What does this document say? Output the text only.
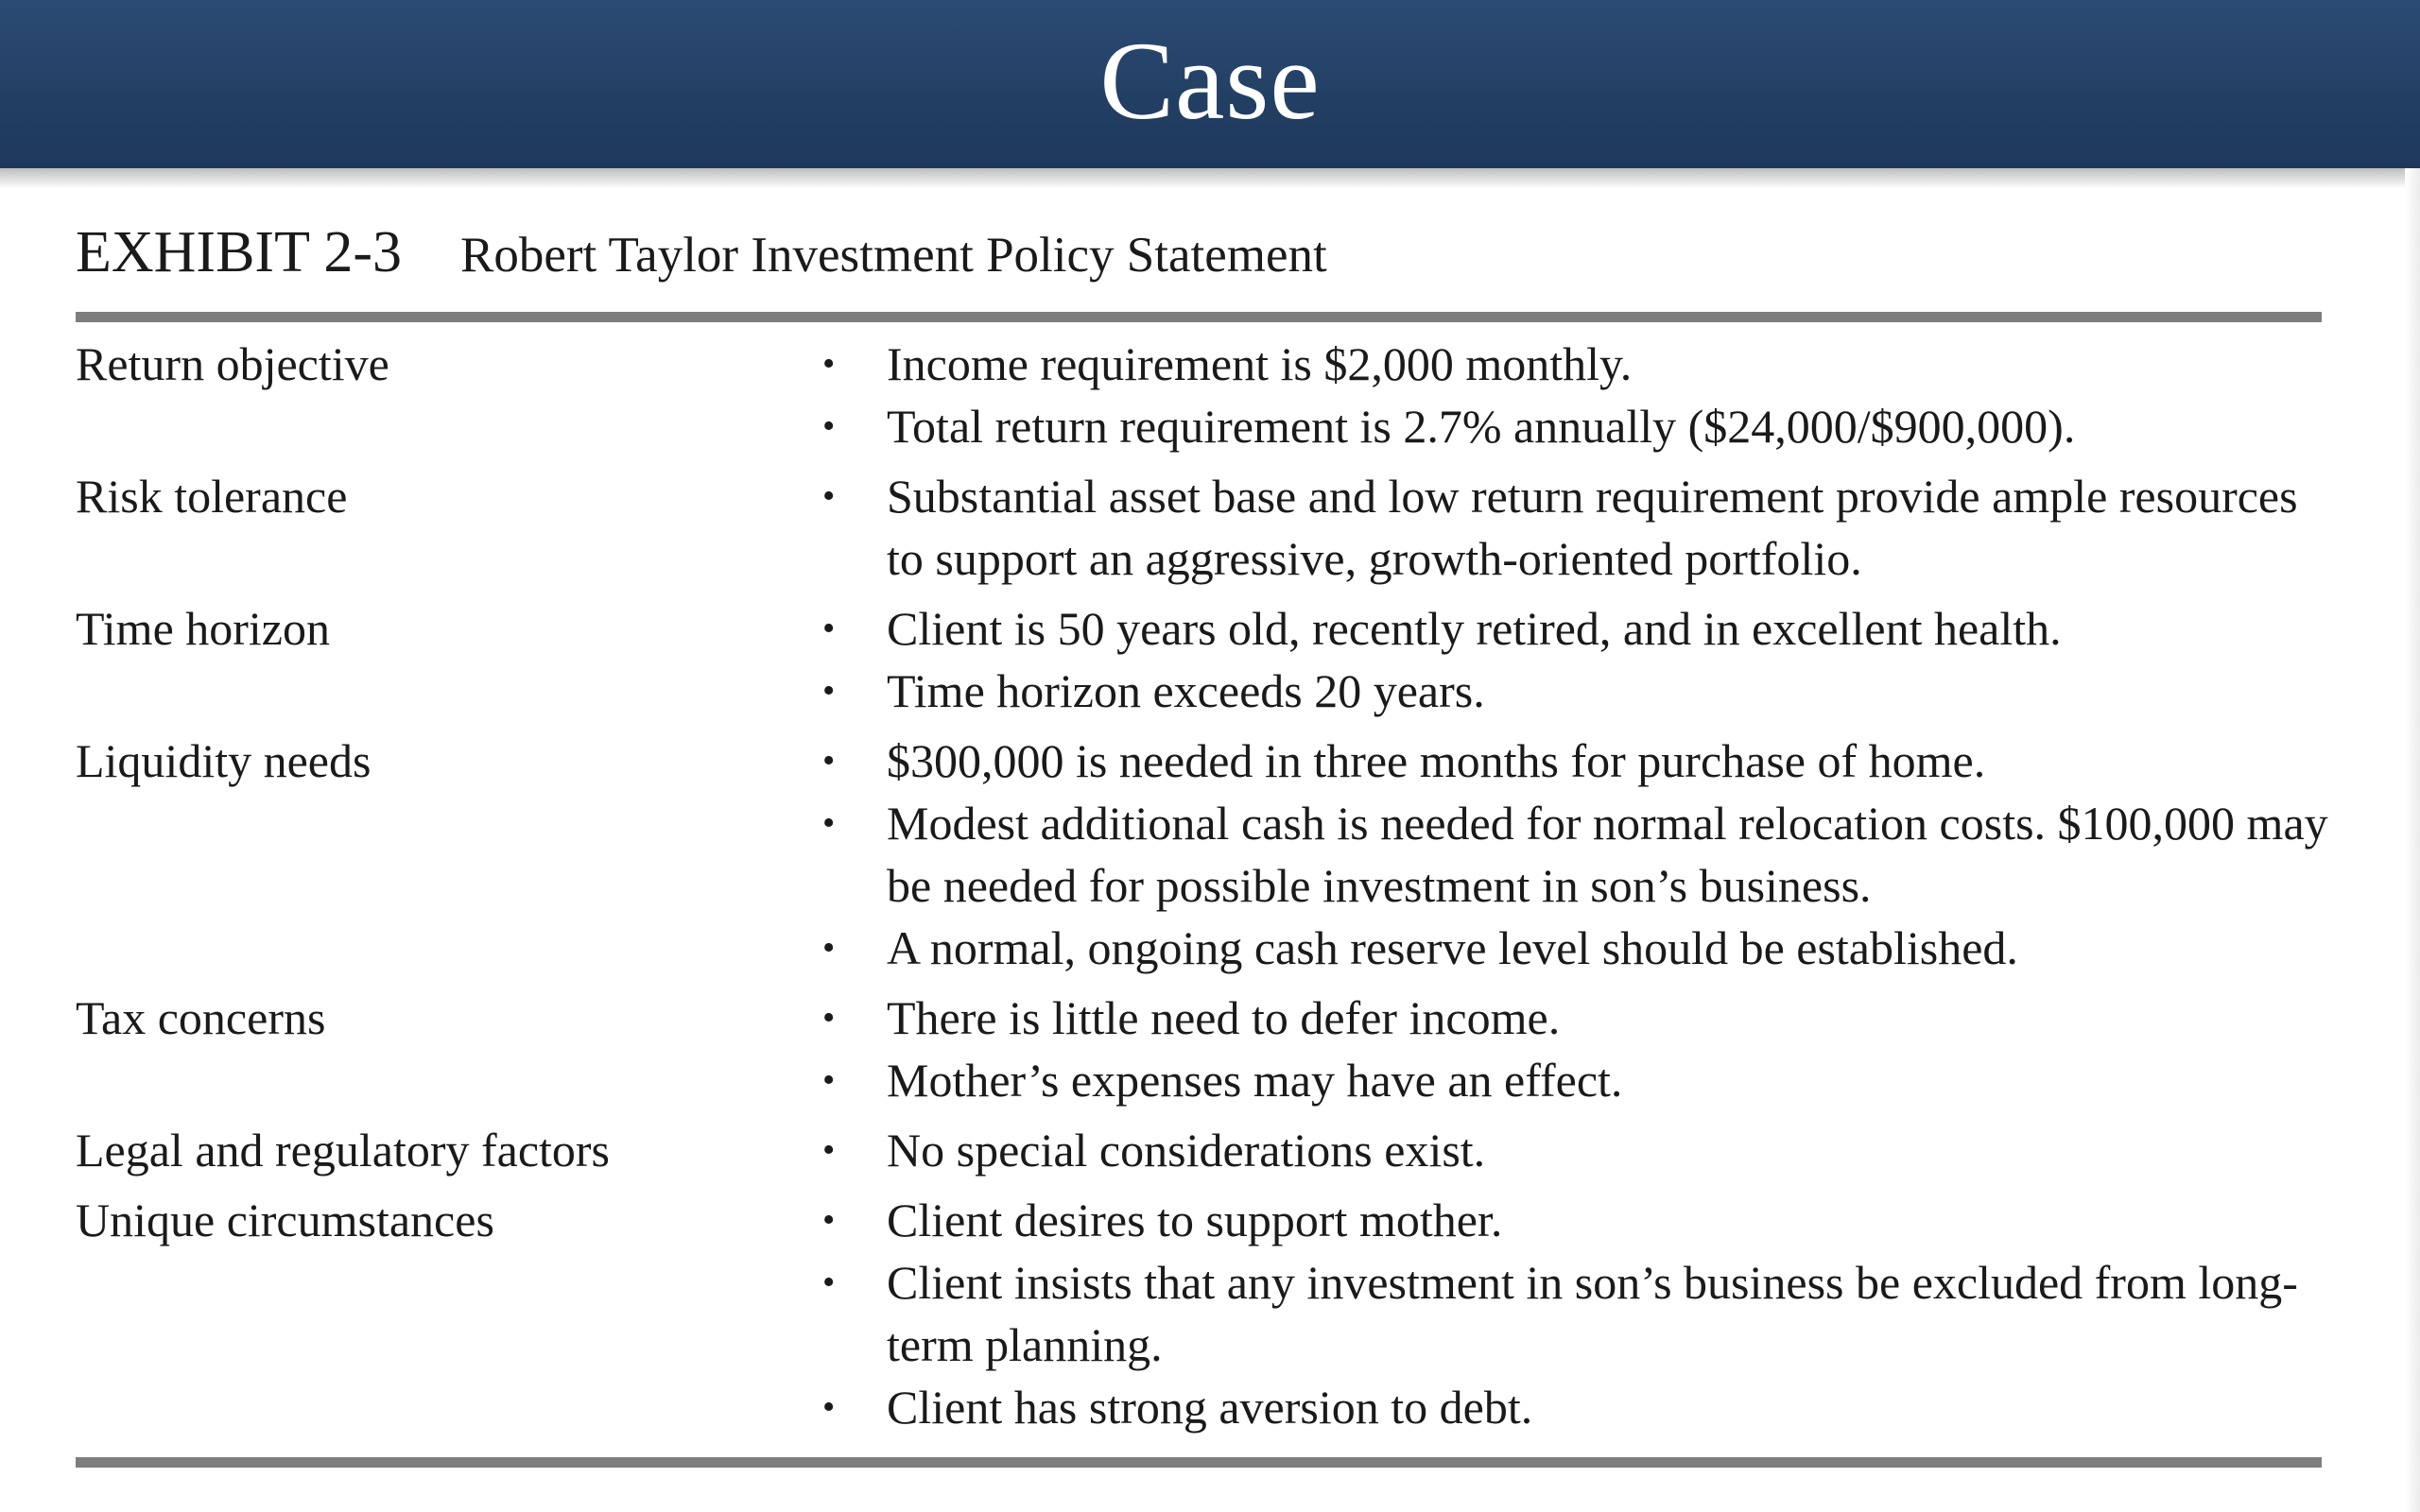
Case
EXHIBIT 2-3 Robert Taylor Investment Policy Statement
Return objective	• Income requirement is $2,000 monthly.
• Total return requirement is 2.7% annually ($24,000/$900,000).
Risk tolerance	• Substantial asset base and low return requirement provide ample resources to support an aggressive, growth-oriented portfolio.
Time horizon	• Client is 50 years old, recently retired, and in excellent health.
• Time horizon exceeds 20 years.
Liquidity needs	• $300,000 is needed in three months for purchase of home.
• Modest additional cash is needed for normal relocation costs. $100,000 may be needed for possible investment in son’s business.
• A normal, ongoing cash reserve level should be established.
Tax concerns	• There is little need to defer income.
• Mother’s expenses may have an effect.
Legal and regulatory factors	• No special considerations exist.
Unique circumstances	• Client desires to support mother.
• Client insists that any investment in son’s business be excluded from long-term planning.
• Client has strong aversion to debt.
